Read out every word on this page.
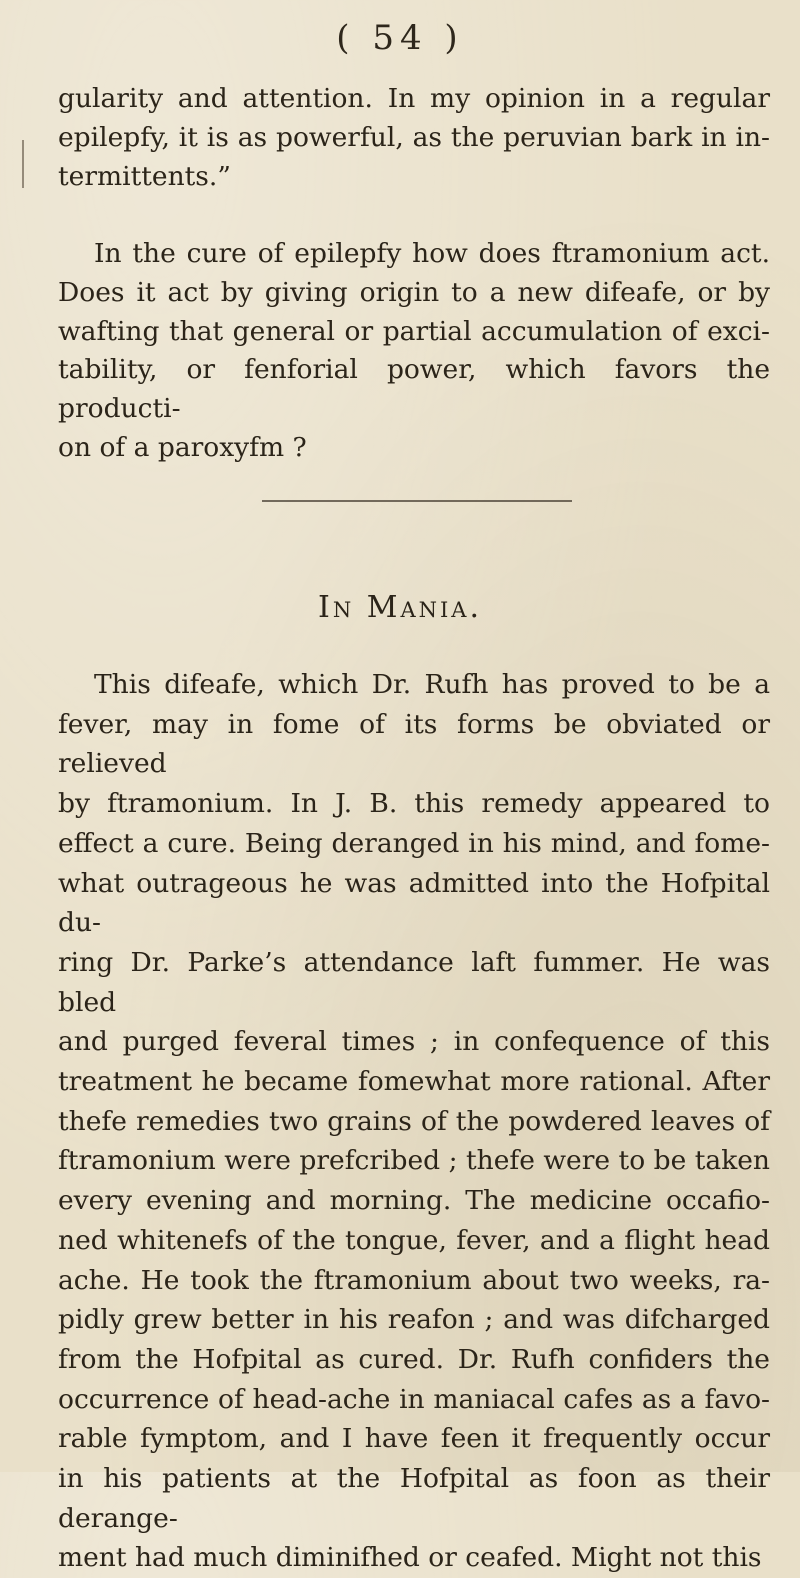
( 54 )

gularity and attention. In my opinion in a regular

epilepfy, it is as powerful, as the peruvian bark in in-

termittents.”

In the cure of epilepfy how does ftramonium act.

Does it act by giving origin to a new difeafe, or by

wafting that general or partial accumulation of exci-

tability, or fenforial power, which favors the producti-

on of a paroxyfm ?

In Mania.

This difeafe, which Dr. Rufh has proved to be a

fever, may in fome of its forms be obviated or relieved

by ftramonium. In J. B. this remedy appeared to

effect a cure. Being deranged in his mind, and fome-

what outrageous he was admitted into the Hofpital du-

ring Dr. Parke’s attendance laft fummer. He was bled

and purged feveral times ; in confequence of this

treatment he became fomewhat more rational. After

thefe remedies two grains of the powdered leaves of

ftramonium were prefcribed ; thefe were to be taken

every evening and morning. The medicine occafio-

ned whitenefs of the tongue, fever, and a flight head

ache. He took the ftramonium about two weeks, ra-

pidly grew better in his reafon ; and was difcharged

from the Hofpital as cured. Dr. Rufh confiders the

occurrence of head-ache in maniacal cafes as a favo-

rable fymptom, and I have feen it frequently occur

in his patients at the Hofpital as foon as their derange-

ment had much diminifhed or ceafed. Might not this
